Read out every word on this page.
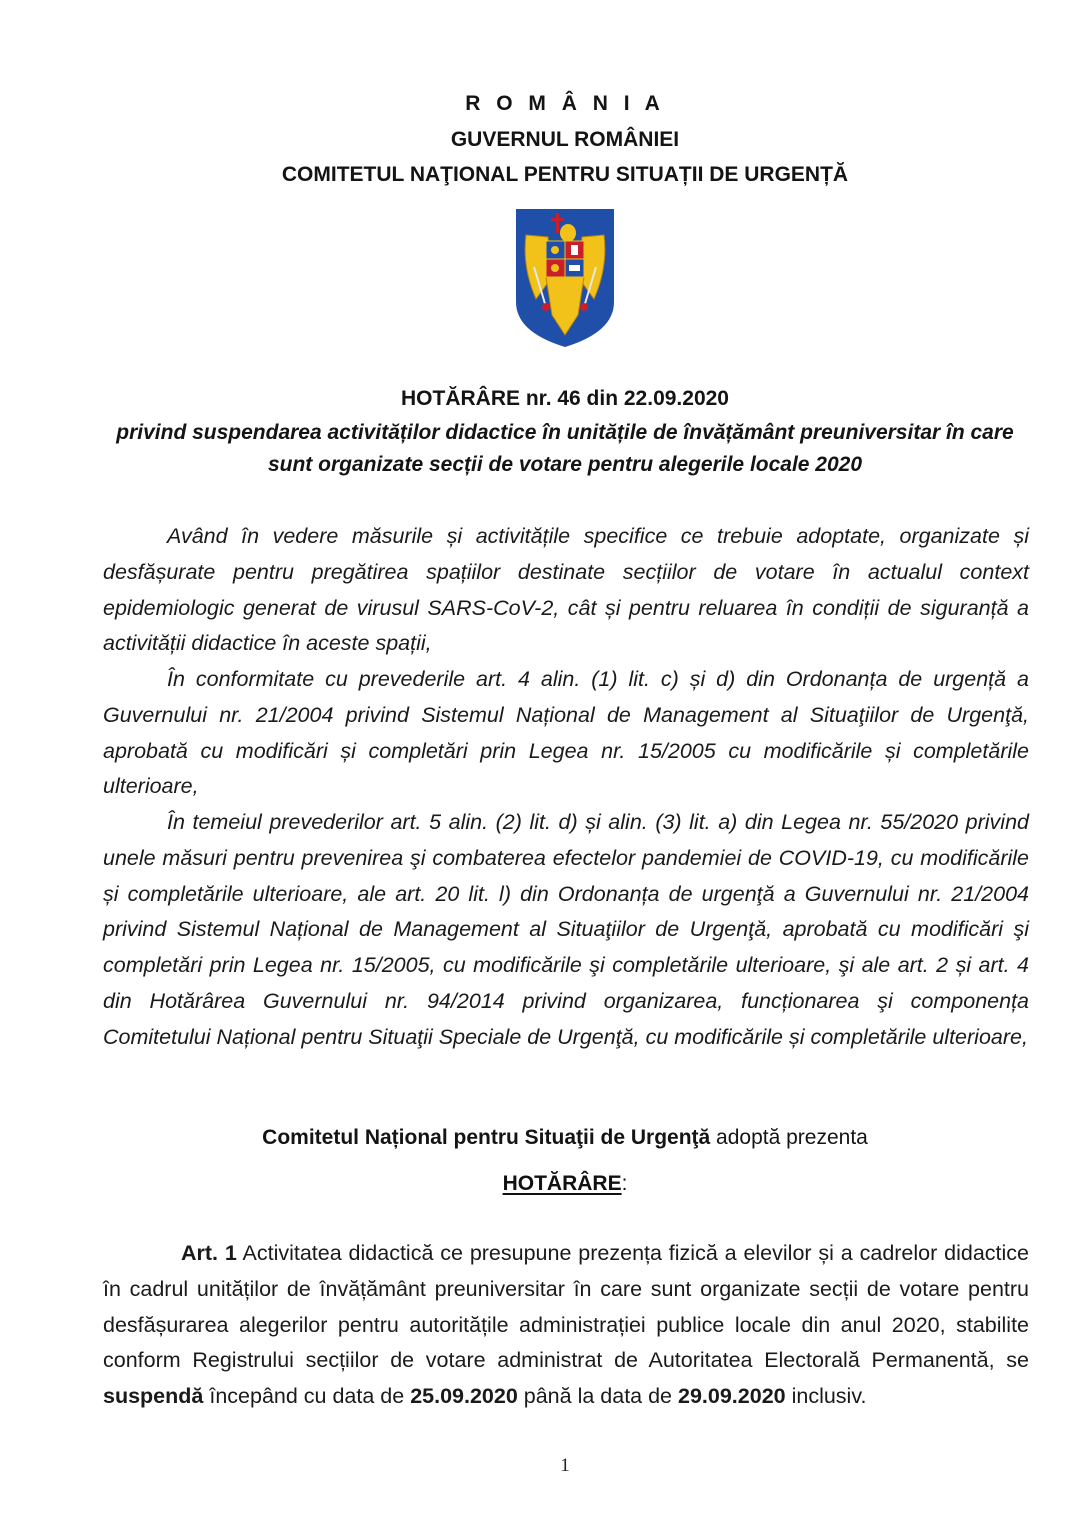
R O M Â N I A
GUVERNUL ROMÂNIEI
COMITETUL NAŢIONAL PENTRU SITUAȚII DE URGENȚĂ
HOTĂRÂRE nr. 46 din 22.09.2020
privind suspendarea activităților didactice în unitățile de învățământ preuniversitar în care sunt organizate secții de votare pentru alegerile locale 2020

Având în vedere măsurile și activitățile specifice ce trebuie adoptate, organizate și desfășurate pentru pregătirea spațiilor destinate secțiilor de votare în actualul context epidemiologic generat de virusul SARS-CoV-2, cât și pentru reluarea în condiții de siguranță a activității didactice în aceste spații,

În conformitate cu prevederile art. 4 alin. (1) lit. c) și d) din Ordonanța de urgență a Guvernului nr. 21/2004 privind Sistemul Național de Management al Situaţiilor de Urgenţă, aprobată cu modificări și completări prin Legea nr. 15/2005 cu modificările și completările ulterioare,

În temeiul prevederilor art. 5 alin. (2) lit. d) și alin. (3) lit. a) din Legea nr. 55/2020 privind unele măsuri pentru prevenirea şi combaterea efectelor pandemiei de COVID-19, cu modificările și completările ulterioare, ale art. 20 lit. l) din Ordonanța de urgenţă a Guvernului nr. 21/2004 privind Sistemul Național de Management al Situaţiilor de Urgenţă, aprobată cu modificări şi completări prin Legea nr. 15/2005, cu modificările şi completările ulterioare, şi ale art. 2 și art. 4 din Hotărârea Guvernului nr. 94/2014 privind organizarea, funcționarea şi componența Comitetului Național pentru Situaţii Speciale de Urgenţă, cu modificările și completările ulterioare,

Comitetul Național pentru Situaţii de Urgenţă adoptă prezenta
HOTĂRÂRE:

Art. 1 Activitatea didactică ce presupune prezența fizică a elevilor și a cadrelor didactice în cadrul unităților de învățământ preuniversitar în care sunt organizate secții de votare pentru desfășurarea alegerilor pentru autoritățile administrației publice locale din anul 2020, stabilite conform Registrului secțiilor de votare administrat de Autoritatea Electorală Permanentă, se suspendă începând cu data de 25.09.2020 până la data de 29.09.2020 inclusiv.

1
